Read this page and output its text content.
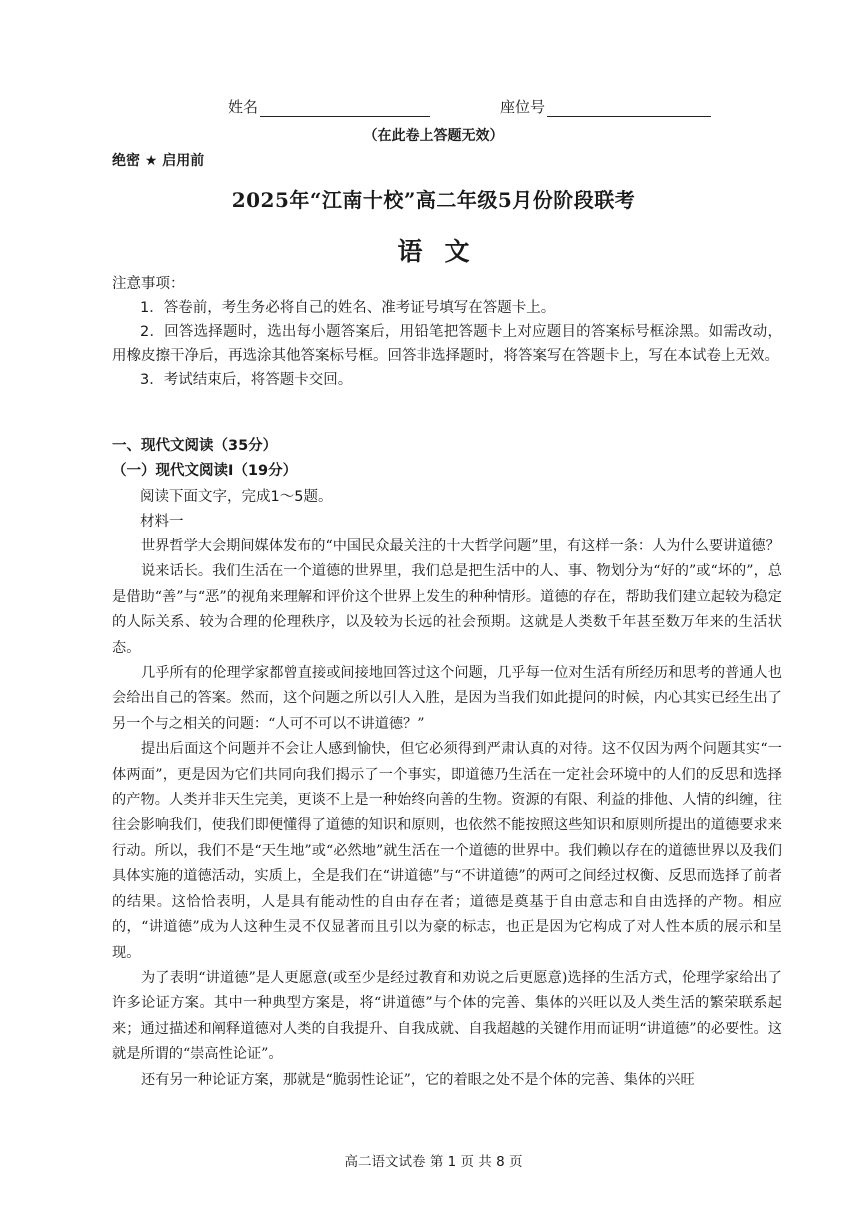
姓名	座位号
（在此卷上答题无效）
绝密 ★ 启用前
2025年“江南十校”高二年级5月份阶段联考
语文
注意事项：
1．答卷前，考生务必将自己的姓名、准考证号填写在答题卡上。
2．回答选择题时，选出每小题答案后，用铅笔把答题卡上对应题目的答案标号框涂黑。如需改动，用橡皮擦干净后，再选涂其他答案标号框。回答非选择题时，将答案写在答题卡上，写在本试卷上无效。
3．考试结束后，将答题卡交回。
一、现代文阅读（35分）
（一）现代文阅读Ⅰ（19分）
阅读下面文字，完成1～5题。
材料一

世界哲学大会期间媒体发布的“中国民众最关注的十大哲学问题”里，有这样一条：人为什么要讲道德？

说来话长。我们生活在一个道德的世界里，我们总是把生活中的人、事、物划分为“好的”或“坏的”，总是借助“善”与“恶”的视角来理解和评价这个世界上发生的种种情形。道德的存在，帮助我们建立起较为稳定的人际关系、较为合理的伦理秩序，以及较为长远的社会预期。这就是人类数千年甚至数万年来的生活状态。

几乎所有的伦理学家都曾直接或间接地回答过这个问题，几乎每一位对生活有所经历和思考的普通人也会给出自己的答案。然而，这个问题之所以引人入胜，是因为当我们如此提问的时候，内心其实已经生出了另一个与之相关的问题：“人可不可以不讲道德？”

提出后面这个问题并不会让人感到愉快，但它必须得到严肃认真的对待。这不仅因为两个问题其实“一体两面”，更是因为它们共同向我们揭示了一个事实，即道德乃生活在一定社会环境中的人们的反思和选择的产物。人类并非天生完美，更谈不上是一种始终向善的生物。资源的有限、利益的排他、人情的纠缠，往往会影响我们，使我们即便懂得了道德的知识和原则，也依然不能按照这些知识和原则所提出的道德要求来行动。所以，我们不是“天生地”或“必然地”就生活在一个道德的世界中。我们赖以存在的道德世界以及我们具体实施的道德活动，实质上，全是我们在“讲道德”与“不讲道德”的两可之间经过权衡、反思而选择了前者的结果。这恰恰表明，人是具有能动性的自由存在者；道德是奠基于自由意志和自由选择的产物。相应的，“讲道德”成为人这种生灵不仅显著而且引以为豪的标志，也正是因为它构成了对人性本质的展示和呈现。

为了表明“讲道德”是人更愿意(或至少是经过教育和劝说之后更愿意)选择的生活方式，伦理学家给出了许多论证方案。其中一种典型方案是，将“讲道德”与个体的完善、集体的兴旺以及人类生活的繁荣联系起来；通过描述和阐释道德对人类的自我提升、自我成就、自我超越的关键作用而证明“讲道德”的必要性。这就是所谓的“崇高性论证”。

还有另一种论证方案，那就是“脆弱性论证”，它的着眼之处不是个体的完善、集体的兴旺

高二语文试卷 第 1 页 共 8 页
